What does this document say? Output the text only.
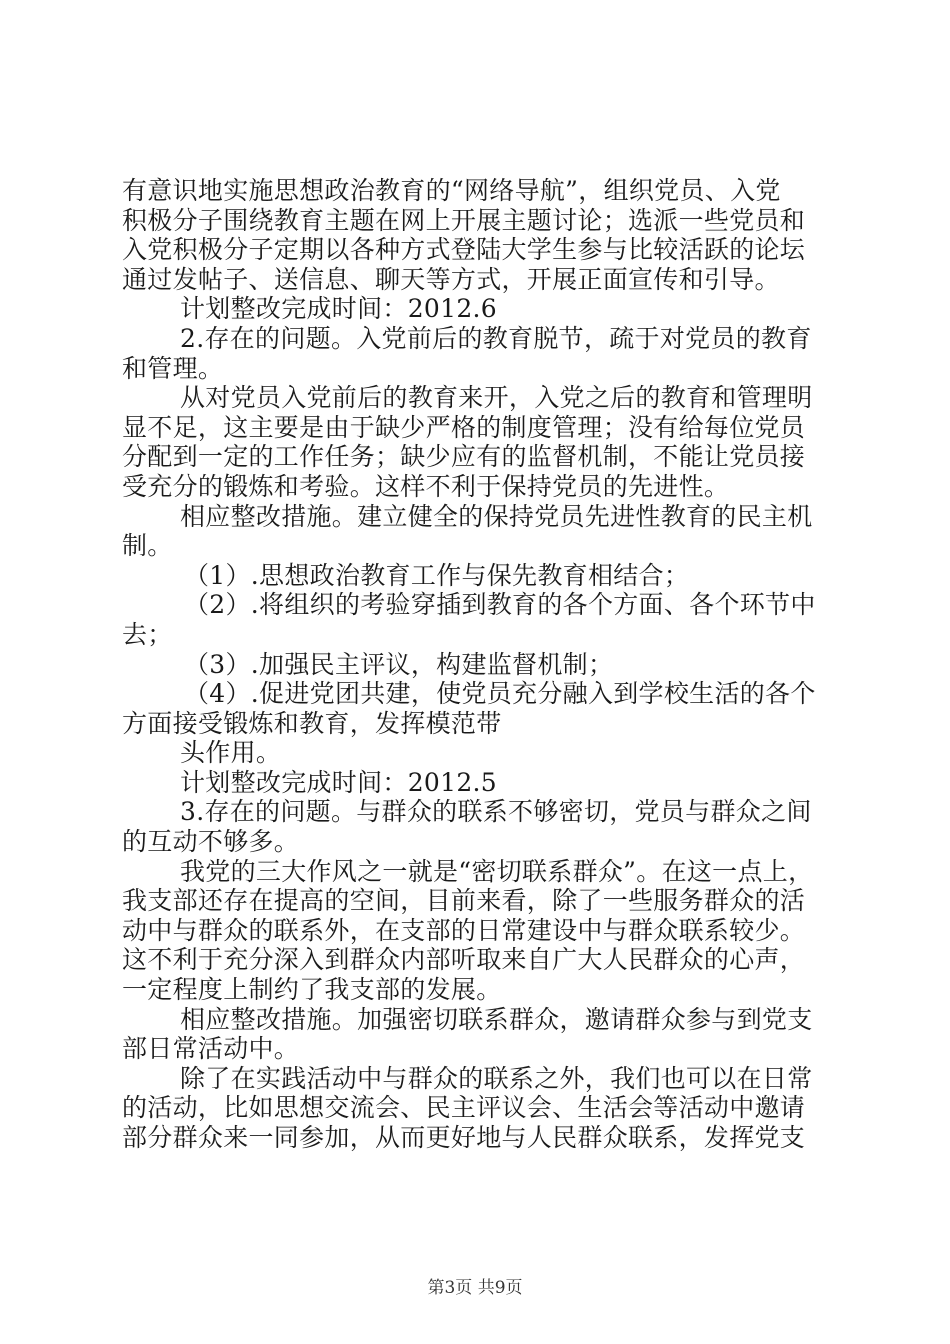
有意识地实施思想政治教育的“网络导航”，组织党员、入党
积极分子围绕教育主题在网上开展主题讨论；选派一些党员和
入党积极分子定期以各种方式登陆大学生参与比较活跃的论坛
通过发帖子、送信息、聊天等方式，开展正面宣传和引导。
计划整改完成时间：2012.6
2.存在的问题。入党前后的教育脱节，疏于对党员的教育
和管理。
从对党员入党前后的教育来开，入党之后的教育和管理明
显不足，这主要是由于缺少严格的制度管理；没有给每位党员
分配到一定的工作任务；缺少应有的监督机制，不能让党员接
受充分的锻炼和考验。这样不利于保持党员的先进性。
相应整改措施。建立健全的保持党员先进性教育的民主机
制。
（1）.思想政治教育工作与保先教育相结合；
（2）.将组织的考验穿插到教育的各个方面、各个环节中
去；
（3）.加强民主评议，构建监督机制；
（4）.促进党团共建，使党员充分融入到学校生活的各个
方面接受锻炼和教育，发挥模范带
头作用。
计划整改完成时间：2012.5
3.存在的问题。与群众的联系不够密切，党员与群众之间
的互动不够多。
我党的三大作风之一就是“密切联系群众”。在这一点上，
我支部还存在提高的空间，目前来看，除了一些服务群众的活
动中与群众的联系外，在支部的日常建设中与群众联系较少。
这不利于充分深入到群众内部听取来自广大人民群众的心声，
一定程度上制约了我支部的发展。
相应整改措施。加强密切联系群众，邀请群众参与到党支
部日常活动中。
除了在实践活动中与群众的联系之外，我们也可以在日常
的活动，比如思想交流会、民主评议会、生活会等活动中邀请
部分群众来一同参加，从而更好地与人民群众联系，发挥党支
第3页 共9页
